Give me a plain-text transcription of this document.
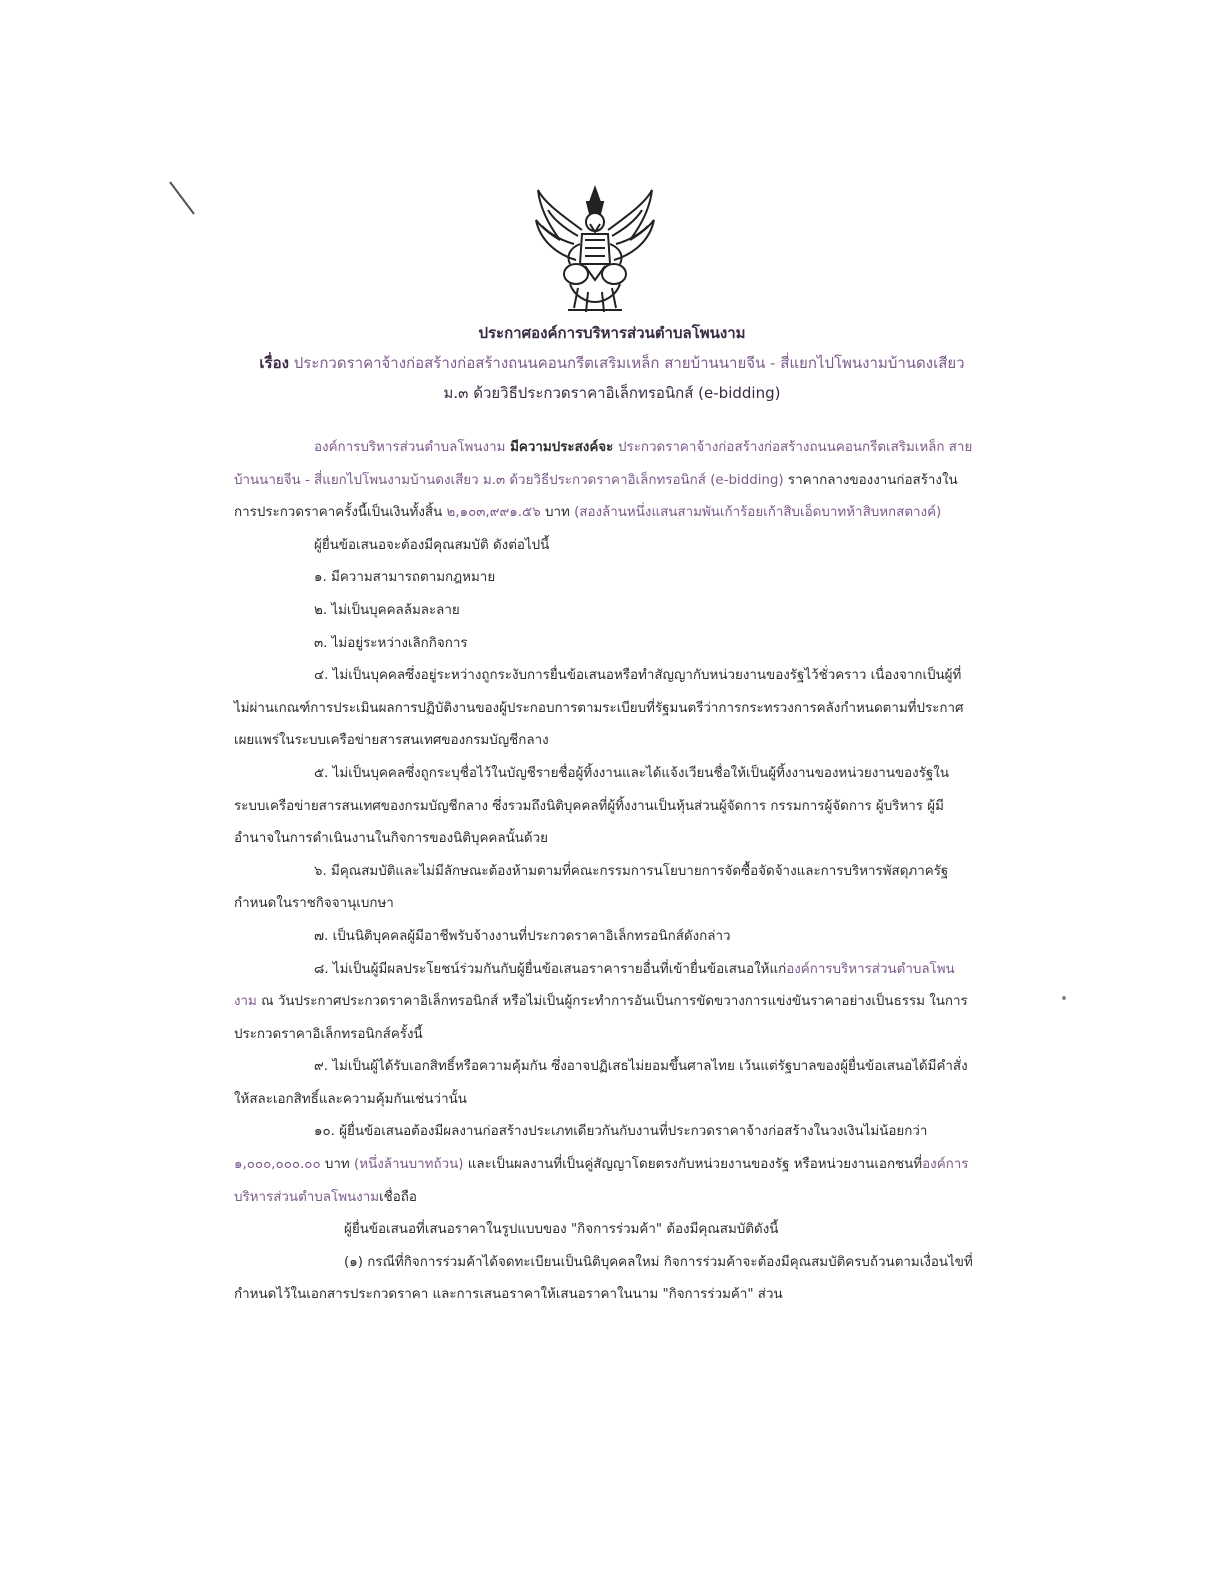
ประกาศองค์การบริหารส่วนตำบลโพนงาม
เรื่อง ประกวดราคาจ้างก่อสร้างก่อสร้างถนนคอนกรีตเสริมเหล็ก สายบ้านนายจีน - สี่แยกไปโพนงามบ้านดงเสียว
ม.๓ ด้วยวิธีประกวดราคาอิเล็กทรอนิกส์ (e-bidding)

องค์การบริหารส่วนตำบลโพนงาม มีความประสงค์จะ ประกวดราคาจ้างก่อสร้างก่อสร้างถนนคอนกรีตเสริมเหล็ก สายบ้านนายจีน - สี่แยกไปโพนงามบ้านดงเสียว ม.๓ ด้วยวิธีประกวดราคาอิเล็กทรอนิกส์ (e-bidding) ราคากลางของงานก่อสร้างในการประกวดราคาครั้งนี้เป็นเงินทั้งสิ้น ๒,๑๐๓,๙๙๑.๕๖ บาท (สองล้านหนึ่งแสนสามพันเก้าร้อยเก้าสิบเอ็ดบาทห้าสิบหกสตางค์)

ผู้ยื่นข้อเสนอจะต้องมีคุณสมบัติ ดังต่อไปนี้

๑. มีความสามารถตามกฎหมาย

๒. ไม่เป็นบุคคลล้มละลาย

๓. ไม่อยู่ระหว่างเลิกกิจการ

๔. ไม่เป็นบุคคลซึ่งอยู่ระหว่างถูกระงับการยื่นข้อเสนอหรือทำสัญญากับหน่วยงานของรัฐไว้ชั่วคราว เนื่องจากเป็นผู้ที่ไม่ผ่านเกณฑ์การประเมินผลการปฏิบัติงานของผู้ประกอบการตามระเบียบที่รัฐมนตรีว่าการกระทรวงการคลังกำหนดตามที่ประกาศเผยแพร่ในระบบเครือข่ายสารสนเทศของกรมบัญชีกลาง

๕. ไม่เป็นบุคคลซึ่งถูกระบุชื่อไว้ในบัญชีรายชื่อผู้ทิ้งงานและได้แจ้งเวียนชื่อให้เป็นผู้ทิ้งงานของหน่วยงานของรัฐในระบบเครือข่ายสารสนเทศของกรมบัญชีกลาง ซึ่งรวมถึงนิติบุคคลที่ผู้ทิ้งงานเป็นหุ้นส่วนผู้จัดการ กรรมการผู้จัดการ ผู้บริหาร ผู้มีอำนาจในการดำเนินงานในกิจการของนิติบุคคลนั้นด้วย

๖. มีคุณสมบัติและไม่มีลักษณะต้องห้ามตามที่คณะกรรมการนโยบายการจัดซื้อจัดจ้างและการบริหารพัสดุภาครัฐกำหนดในราชกิจจานุเบกษา

๗. เป็นนิติบุคคลผู้มีอาชีพรับจ้างงานที่ประกวดราคาอิเล็กทรอนิกส์ดังกล่าว

๘. ไม่เป็นผู้มีผลประโยชน์ร่วมกันกับผู้ยื่นข้อเสนอราคารายอื่นที่เข้ายื่นข้อเสนอให้แก่องค์การบริหารส่วนตำบลโพนงาม ณ วันประกาศประกวดราคาอิเล็กทรอนิกส์ หรือไม่เป็นผู้กระทำการอันเป็นการขัดขวางการแข่งขันราคาอย่างเป็นธรรม ในการประกวดราคาอิเล็กทรอนิกส์ครั้งนี้

๙. ไม่เป็นผู้ได้รับเอกสิทธิ์หรือความคุ้มกัน ซึ่งอาจปฏิเสธไม่ยอมขึ้นศาลไทย เว้นแต่รัฐบาลของผู้ยื่นข้อเสนอได้มีคำสั่งให้สละเอกสิทธิ์และความคุ้มกันเช่นว่านั้น

๑๐. ผู้ยื่นข้อเสนอต้องมีผลงานก่อสร้างประเภทเดียวกันกับงานที่ประกวดราคาจ้างก่อสร้างในวงเงินไม่น้อยกว่า ๑,๐๐๐,๐๐๐.๐๐ บาท (หนึ่งล้านบาทถ้วน) และเป็นผลงานที่เป็นคู่สัญญาโดยตรงกับหน่วยงานของรัฐ หรือหน่วยงานเอกชนที่องค์การบริหารส่วนตำบลโพนงามเชื่อถือ

ผู้ยื่นข้อเสนอที่เสนอราคาในรูปแบบของ "กิจการร่วมค้า" ต้องมีคุณสมบัติดังนี้

(๑) กรณีที่กิจการร่วมค้าได้จดทะเบียนเป็นนิติบุคคลใหม่ กิจการร่วมค้าจะต้องมีคุณสมบัติครบถ้วนตามเงื่อนไขที่กำหนดไว้ในเอกสารประกวดราคา และการเสนอราคาให้เสนอราคาในนาม "กิจการร่วมค้า" ส่วน
